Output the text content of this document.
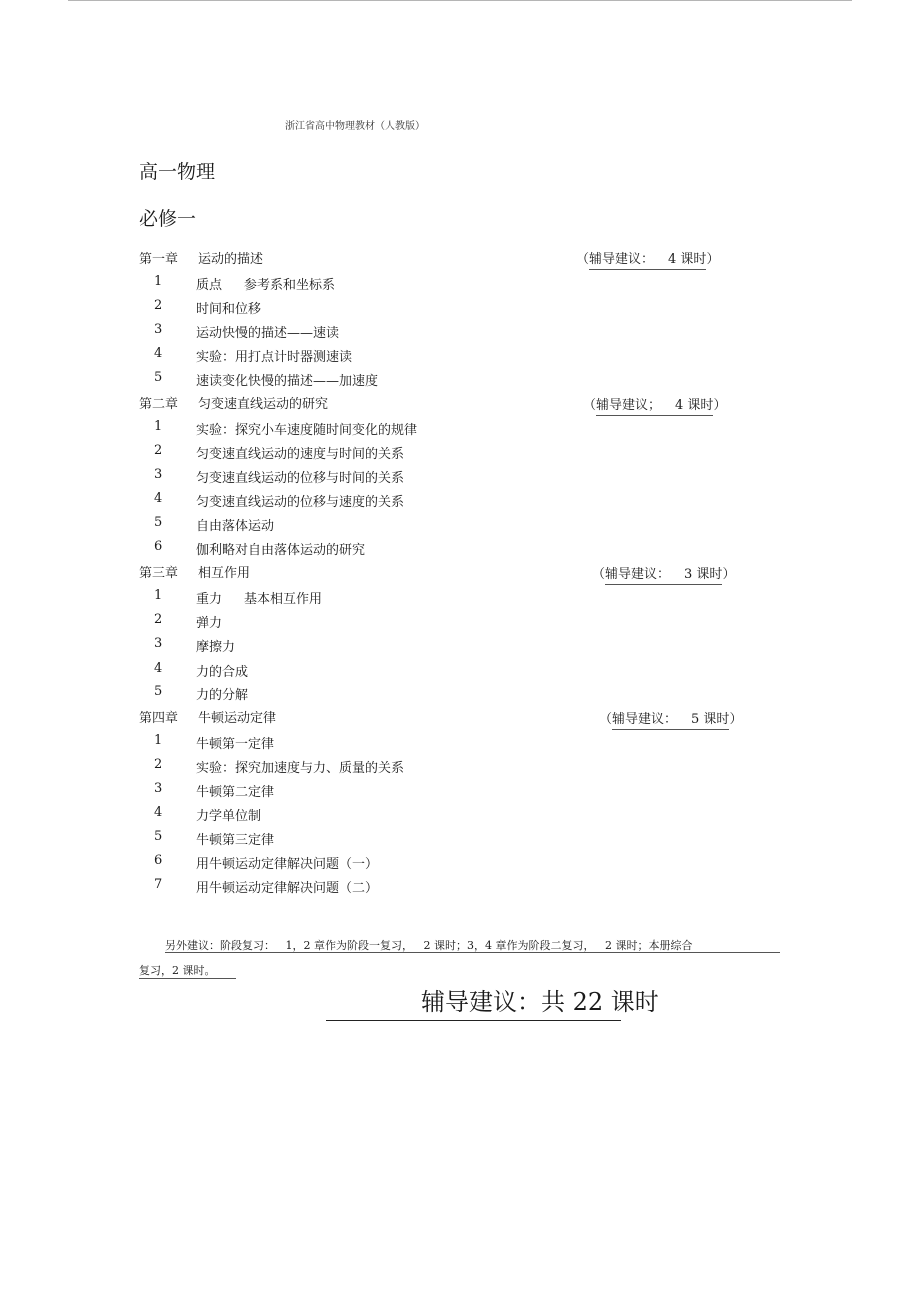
浙江省高中物理教材（人教版）
高一物理
必修一
第一章 运动的描述	（辅导建议： 4 课时）
1	质点 参考系和坐标系
2	时间和位移
3	运动快慢的描述——速读
4	实验：用打点计时器测速读
5	速读变化快慢的描述——加速度
第二章 匀变速直线运动的研究	（辅导建议； 4 课时）
1	实验：探究小车速度随时间变化的规律
2	匀变速直线运动的速度与时间的关系
3	匀变速直线运动的位移与时间的关系
4	匀变速直线运动的位移与速度的关系
5	自由落体运动
6	伽利略对自由落体运动的研究
第三章 相互作用	（辅导建议： 3 课时）
1	重力 基本相互作用
2	弹力
3	摩擦力
4	力的合成
5	力的分解
第四章 牛顿运动定律	（辅导建议： 5 课时）
1	牛顿第一定律
2	实验：探究加速度与力、质量的关系
3	牛顿第二定律
4	力学单位制
5	牛顿第三定律
6	用牛顿运动定律解决问题（一）
7	用牛顿运动定律解决问题（二）
另外建议：阶段复习：   1，2 章作为阶段一复习，   2 课时；3，4 章作为阶段二复习，   2 课时；本册综合
复习，2 课时。
辅导建议：共 22 课时
